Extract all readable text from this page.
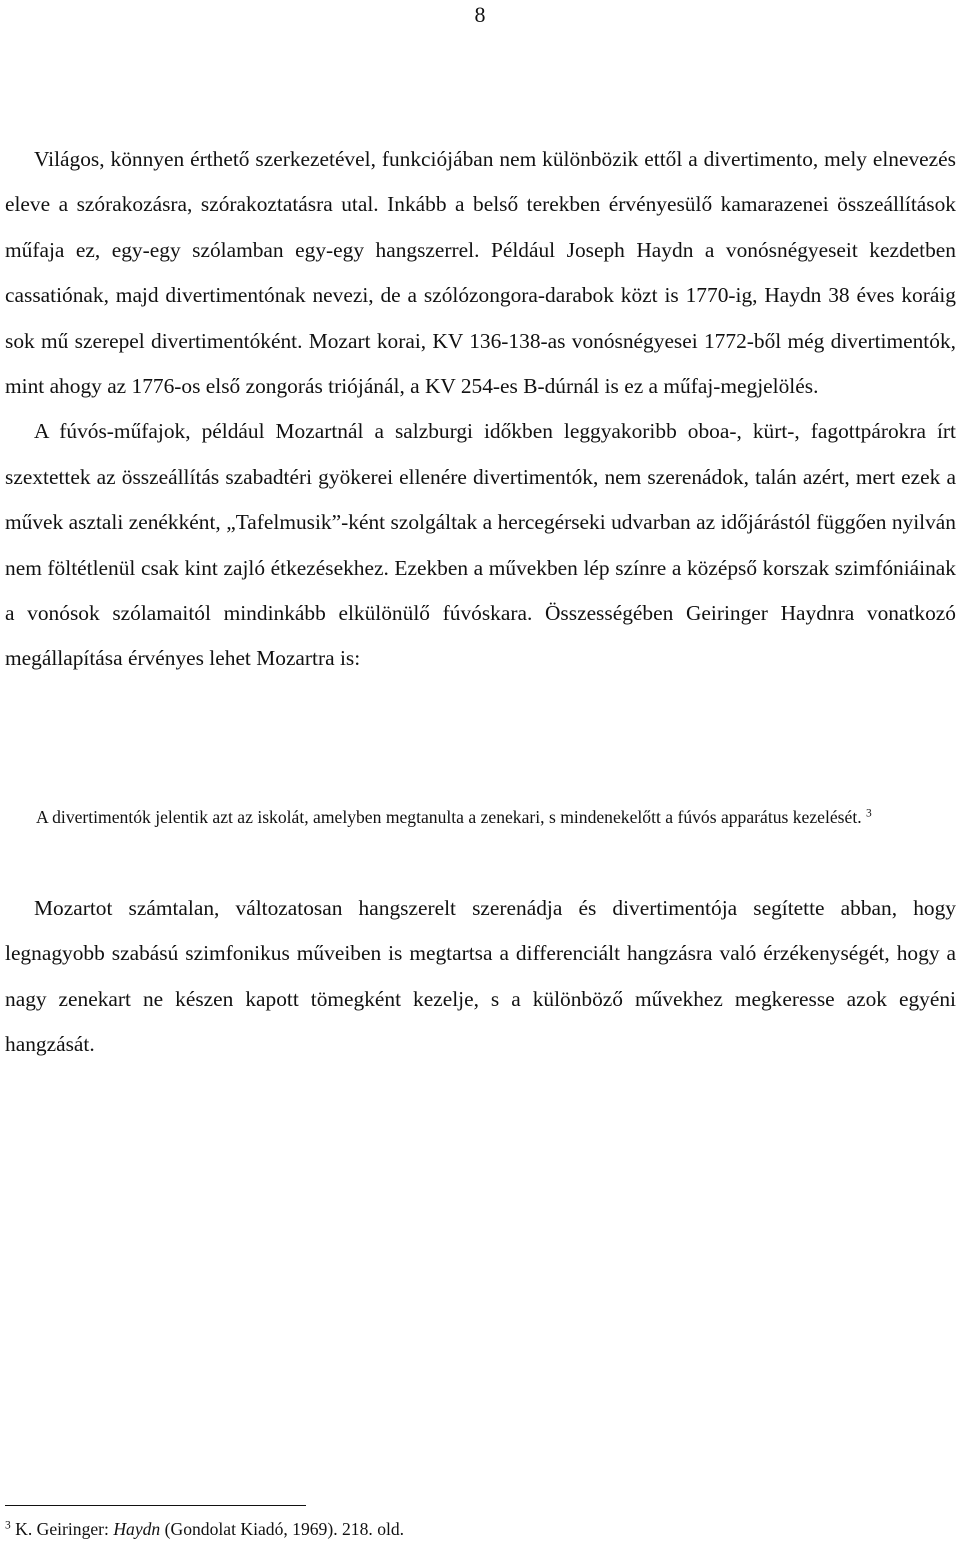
8

Világos, könnyen érthető szerkezetével, funkciójában nem különbözik ettől a divertimento, mely elnevezés eleve a szórakozásra, szórakoztatásra utal. Inkább a belső terekben érvényesülő kamarazenei összeállítások műfaja ez, egy-egy szólamban egy-egy hangszerrel. Például Joseph Haydn a vonósnégyeseit kezdetben cassatiónak, majd divertimentónak nevezi, de a szólózongora-darabok közt is 1770-ig, Haydn 38 éves koráig sok mű szerepel divertimentóként. Mozart korai, KV 136-138-as vonósnégyesei 1772-ből még divertimentók, mint ahogy az 1776-os első zongorás triójánál, a KV 254-es B-dúrnál is ez a műfaj-megjelölés.

A fúvós-műfajok, például Mozartnál a salzburgi időkben leggyakoribb oboa-, kürt-, fagottpárokra írt szextettek az összeállítás szabadtéri gyökerei ellenére divertimentók, nem szerenádok, talán azért, mert ezek a művek asztali zenékként, „Tafelmusik”-ként szolgáltak a hercegérseki udvarban az időjárástól függően nyilván nem föltétlenül csak kint zajló étkezésekhez. Ezekben a művekben lép színre a középső korszak szimfóniáinak a vonósok szólamaitól mindinkább elkülönülő fúvóskara. Összességében Geiringer Haydnra vonatkozó megállapítása érvényes lehet Mozartra is:

A divertimentók jelentik azt az iskolát, amelyben megtanulta a zenekari, s mindenekelőtt a fúvós apparátus kezelését. $^3$

Mozartot számtalan, változatosan hangszerelt szerenádja és divertimentója segítette abban, hogy legnagyobb szabású szimfonikus műveiben is megtartsa a differenciált hangzásra való érzékenységét, hogy a nagy zenekart ne készen kapott tömegként kezelje, s a különböző művekhez megkeresse azok egyéni hangzását.

$^3$ K. Geiringer: Haydn (Gondolat Kiadó, 1969). 218. old.
